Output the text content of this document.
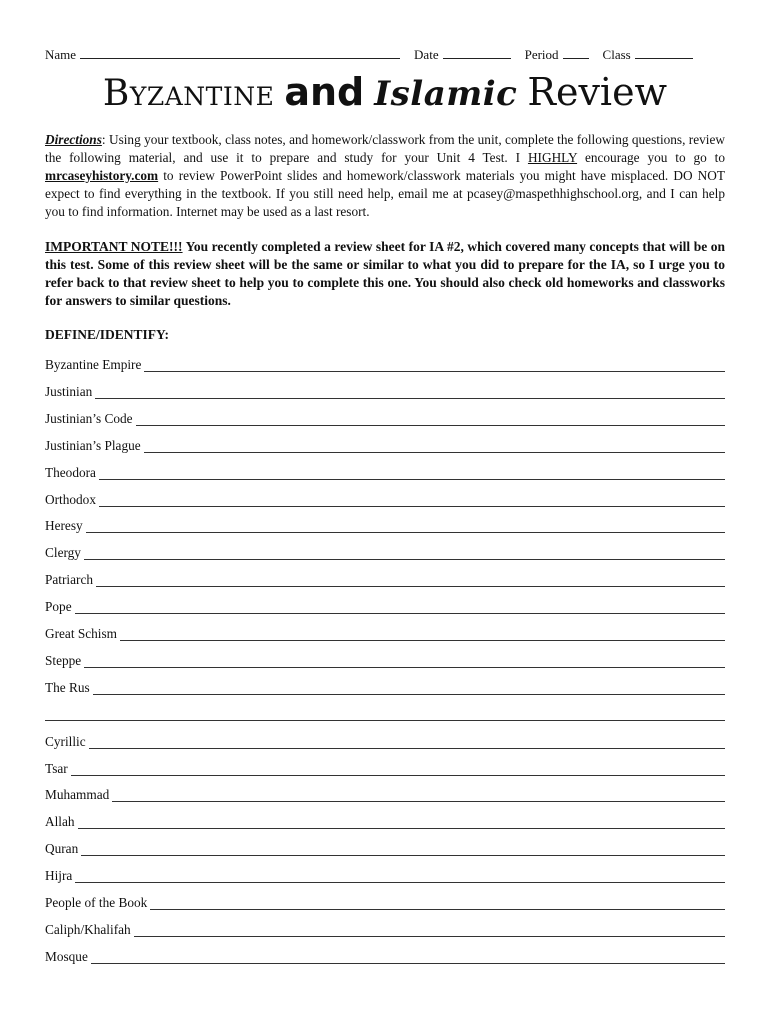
Name	Date	Period	Class
Byzantine and Islamic Review
Directions: Using your textbook, class notes, and homework/classwork from the unit, complete the following questions, review the following material, and use it to prepare and study for your Unit 4 Test. I HIGHLY encourage you to go to mrcaseyhistory.com to review PowerPoint slides and homework/classwork materials you might have misplaced. DO NOT expect to find everything in the textbook. If you still need help, email me at pcasey@maspethhighschool.org, and I can help you to find information. Internet may be used as a last resort.
IMPORTANT NOTE!!! You recently completed a review sheet for IA #2, which covered many concepts that will be on this test. Some of this review sheet will be the same or similar to what you did to prepare for the IA, so I urge you to refer back to that review sheet to help you to complete this one. You should also check old homeworks and classworks for answers to similar questions.
DEFINE/IDENTIFY:
Byzantine Empire
Justinian
Justinian’s Code
Justinian’s Plague
Theodora
Orthodox
Heresy
Clergy
Patriarch
Pope
Great Schism
Steppe
The Rus
Cyrillic
Tsar
Muhammad
Allah
Quran
Hijra
People of the Book
Caliph/Khalifah
Mosque
